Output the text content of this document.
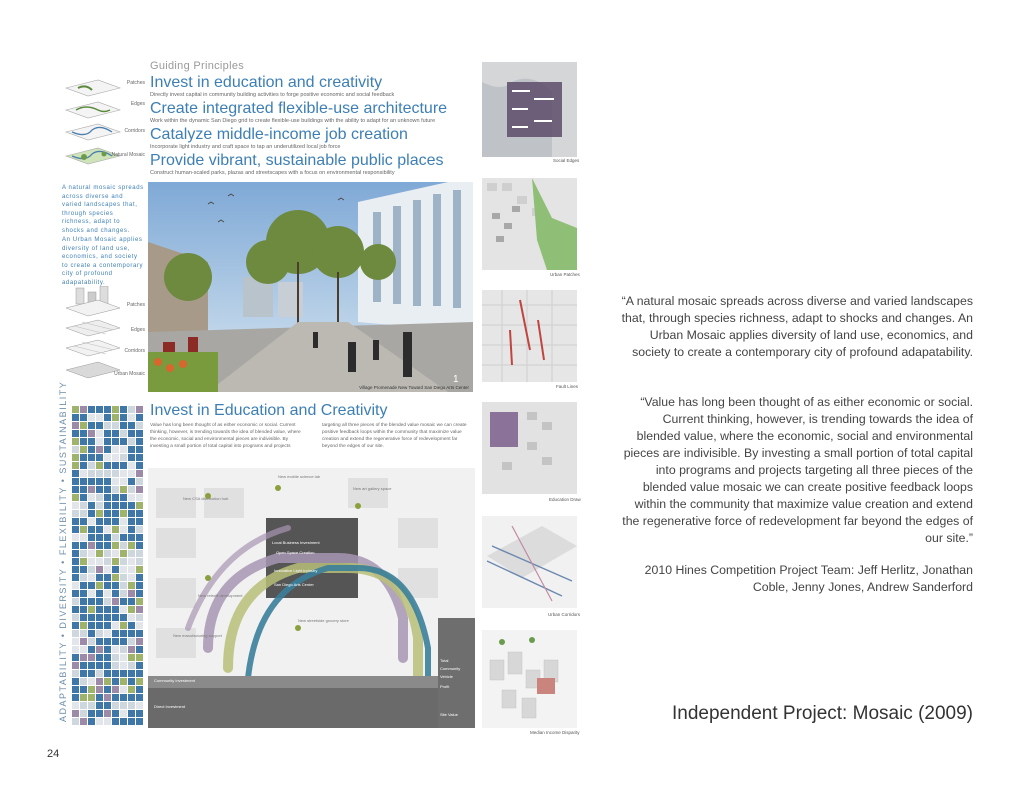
Patches
Edges
Corridors
Natural Mosaic
Guiding Principles
Invest in education and creativity

Directly invest capital in community building activities to forge positive economic and social feedback

Create integrated flexible-use architecture

Work within the dynamic San Diego grid to create flexible-use buildings with the ability to adapt for an unknown future

Catalyze middle-income job creation

Incorporate light industry and craft space to tap an underutilized local job force

Provide vibrant, sustainable public places

Construct human-scaled parks, plazas and streetscapes with a focus on environmental responsibility

A natural mosaic spreads across diverse and varied landscapes that, through species richness, adapt to shocks and changes.
An Urban Mosaic applies diversity of land use, economics, and society to create a contemporary city of profound adapatability.
Patches
Edges
Corridors
Urban Mosaic	1
Village Promenade New Toward San Diego Arts Center
Social Edges
Urban Patches
Fault Lines
Education Draw
Urban Corridors
Median Income Disparity
Invest in Education and Creativity
Value has long been thought of as either economic or social. Current thinking, however, is trending towards the idea of blended value, where the economic, social and environmental pieces are indivisible. By investing a small portion of total capital into programs and projects
targeting all three pieces of the blended value mosaic we can create positive feedback loops within the community that maximize value creation and extend the regenerative force of redevelopment far beyond the edges of our site.
New mobile science lab
New art gallery space
New CSA distribution hub
Local Business Investment
Open Space Creation
Innovative Light Industry
San Diego Arts Center
New retrofit development
New manufacturing support
New streetside grocery store
Community Investment
Direct Investment
Total
Community
Vehicle
Profit
Site Value
ADAPTABILITY • DIVERSITY • FLEXIBILITY • SUSTAINABILITY
“A natural mosaic spreads across diverse and varied landscapes that, through species richness, adapt to shocks and changes. An Urban Mosaic applies diversity of land use, economics, and society to create a contemporary city of profound adapatability.
“Value has long been thought of as either economic or social. Current thinking, however, is trending towards the idea of blended value, where the economic, social and environmental pieces are indivisible. By investing a small portion of total capital into programs and projects targeting all three pieces of the blended value mosaic we can create positive feedback loops within the community that maximize value creation and extend the regenerative force of redevelopment far beyond the edges of our site.”
2010 Hines Competition Project Team: Jeff Herlitz, Jonathan Coble, Jenny Jones, Andrew Sanderford
Independent Project: Mosaic (2009)
24
